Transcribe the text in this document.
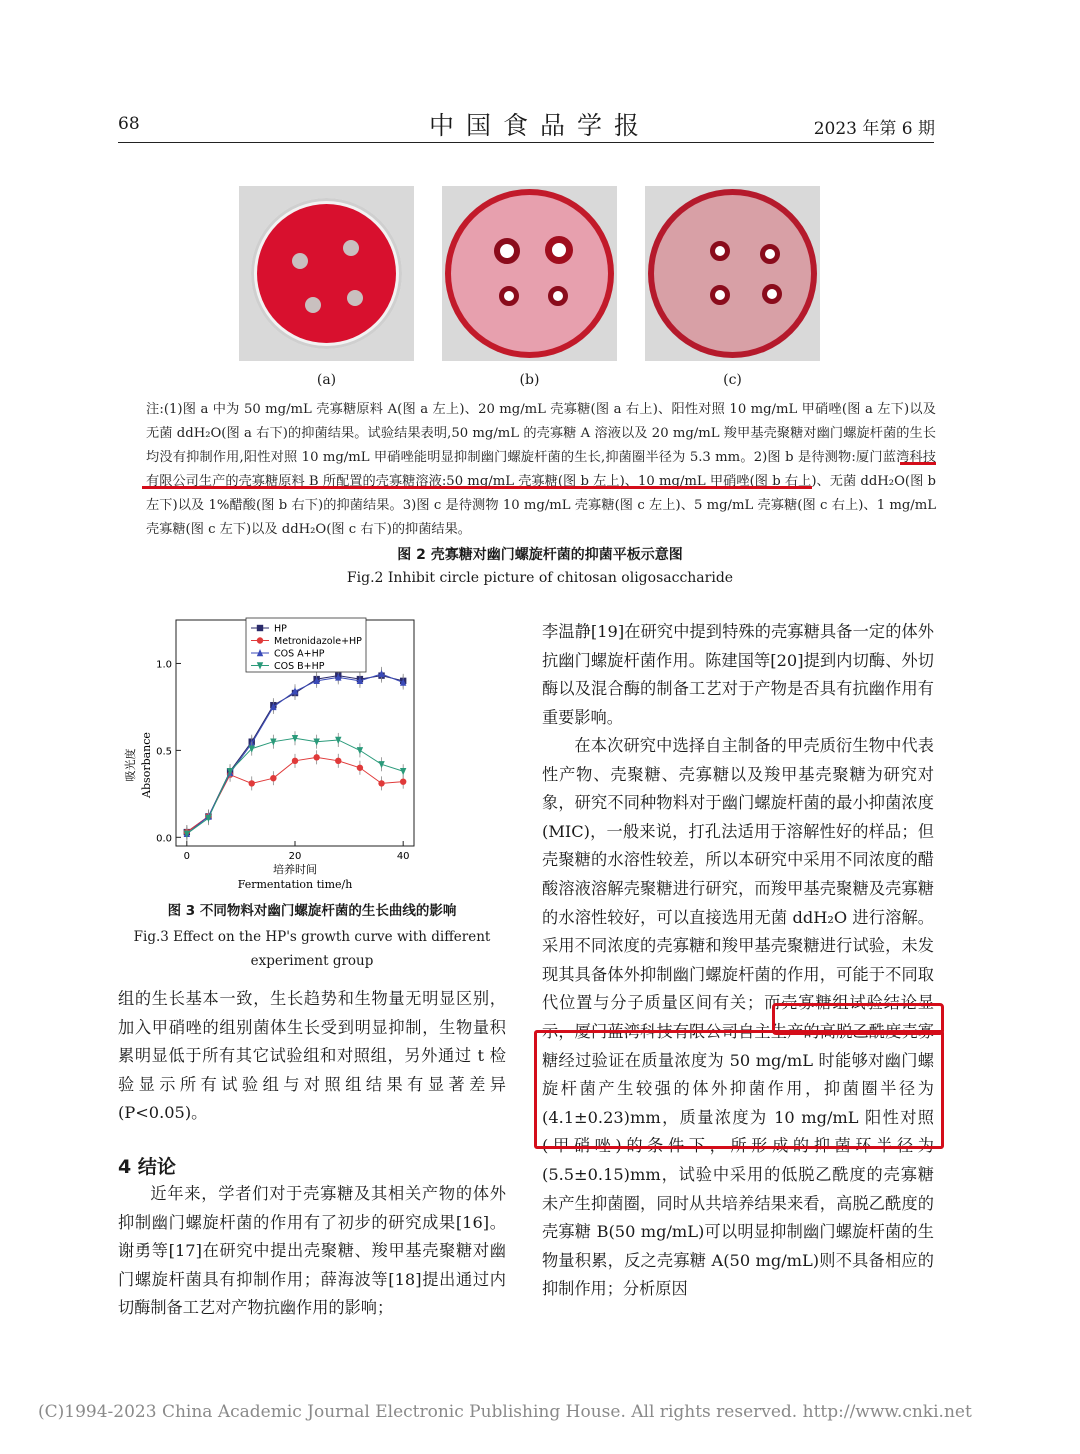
68	中国食品学报	2023 年第 6 期
(a)	(b)	(c)

注:(1)图 a 中为 50 mg/mL 壳寡糖原料 A(图 a 左上)、20 mg/mL 壳寡糖(图 a 右上)、阳性对照 10 mg/mL 甲硝唑(图 a 左下)以及无菌 ddH₂O(图 a 右下)的抑菌结果。试验结果表明,50 mg/mL 的壳寡糖 A 溶液以及 20 mg/mL 羧甲基壳聚糖对幽门螺旋杆菌的生长均没有抑制作用,阳性对照 10 mg/mL 甲硝唑能明显抑制幽门螺旋杆菌的生长,抑菌圈半径为 5.3 mm。2)图 b 是待测物:厦门蓝湾科技有限公司生产的壳寡糖原料 B 所配置的壳寡糖溶液:50 mg/mL 壳寡糖(图 b 左上)、10 mg/mL 甲硝唑(图 b 右上)、无菌 ddH₂O(图 b 左下)以及 1%醋酸(图 b 右下)的抑菌结果。3)图 c 是待测物 10 mg/mL 壳寡糖(图 c 左上)、5 mg/mL 壳寡糖(图 c 右上)、1 mg/mL 壳寡糖(图 c 左下)以及 ddH₂O(图 c 右下)的抑菌结果。

图 2 壳寡糖对幽门螺旋杆菌的抑菌平板示意图
Fig.2 Inhibit circle picture of chitosan oligosaccharide
0.0
0.5
1.0
0	20	40
HP
Metronidazole+HP
COS A+HP
COS B+HP
吸光度 Absorbance
培养时间
Fermentation time/h
图 3 不同物料对幽门螺旋杆菌的生长曲线的影响
Fig.3 Effect on the HP's growth curve with different experiment group

组的生长基本一致，生长趋势和生物量无明显区别，加入甲硝唑的组别菌体生长受到明显抑制，生物量积累明显低于所有其它试验组和对照组，另外通过 t 检验显示所有试验组与对照组结果有显著差异(P<0.05)。

4 结论

近年来，学者们对于壳寡糖及其相关产物的体外抑制幽门螺旋杆菌的作用有了初步的研究成果[16]。谢勇等[17]在研究中提出壳聚糖、羧甲基壳聚糖对幽门螺旋杆菌具有抑制作用；薛海波等[18]提出通过内切酶制备工艺对产物抗幽作用的影响；

李温静[19]在研究中提到特殊的壳寡糖具备一定的体外抗幽门螺旋杆菌作用。陈建国等[20]提到内切酶、外切酶以及混合酶的制备工艺对于产物是否具有抗幽作用有重要影响。

在本次研究中选择自主制备的甲壳质衍生物中代表性产物、壳聚糖、壳寡糖以及羧甲基壳聚糖为研究对象，研究不同种物料对于幽门螺旋杆菌的最小抑菌浓度(MIC)，一般来说，打孔法适用于溶解性好的样品；但壳聚糖的水溶性较差，所以本研究中采用不同浓度的醋酸溶液溶解壳聚糖进行研究，而羧甲基壳聚糖及壳寡糖的水溶性较好，可以直接选用无菌 ddH₂O 进行溶解。采用不同浓度的壳寡糖和羧甲基壳聚糖进行试验，未发现其具备体外抑制幽门螺旋杆菌的作用，可能于不同取代位置与分子质量区间有关；而壳寡糖组试验结论显示，厦门蓝湾科技有限公司自主生产的高脱乙酰度壳寡糖经过验证在质量浓度为 50 mg/mL 时能够对幽门螺旋杆菌产生较强的体外抑菌作用，抑菌圈半径为(4.1±0.23)mm，质量浓度为 10 mg/mL 阳性对照(甲硝唑)的条件下，所形成的抑菌环半径为(5.5±0.15)mm，试验中采用的低脱乙酰度的壳寡糖未产生抑菌圈，同时从共培养结果来看，高脱乙酰度的壳寡糖 B(50 mg/mL)可以明显抑制幽门螺旋杆菌的生物量积累，反之壳寡糖 A(50 mg/mL)则不具备相应的抑制作用；分析原因

(C)1994-2023 China Academic Journal Electronic Publishing House. All rights reserved. http://www.cnki.net
